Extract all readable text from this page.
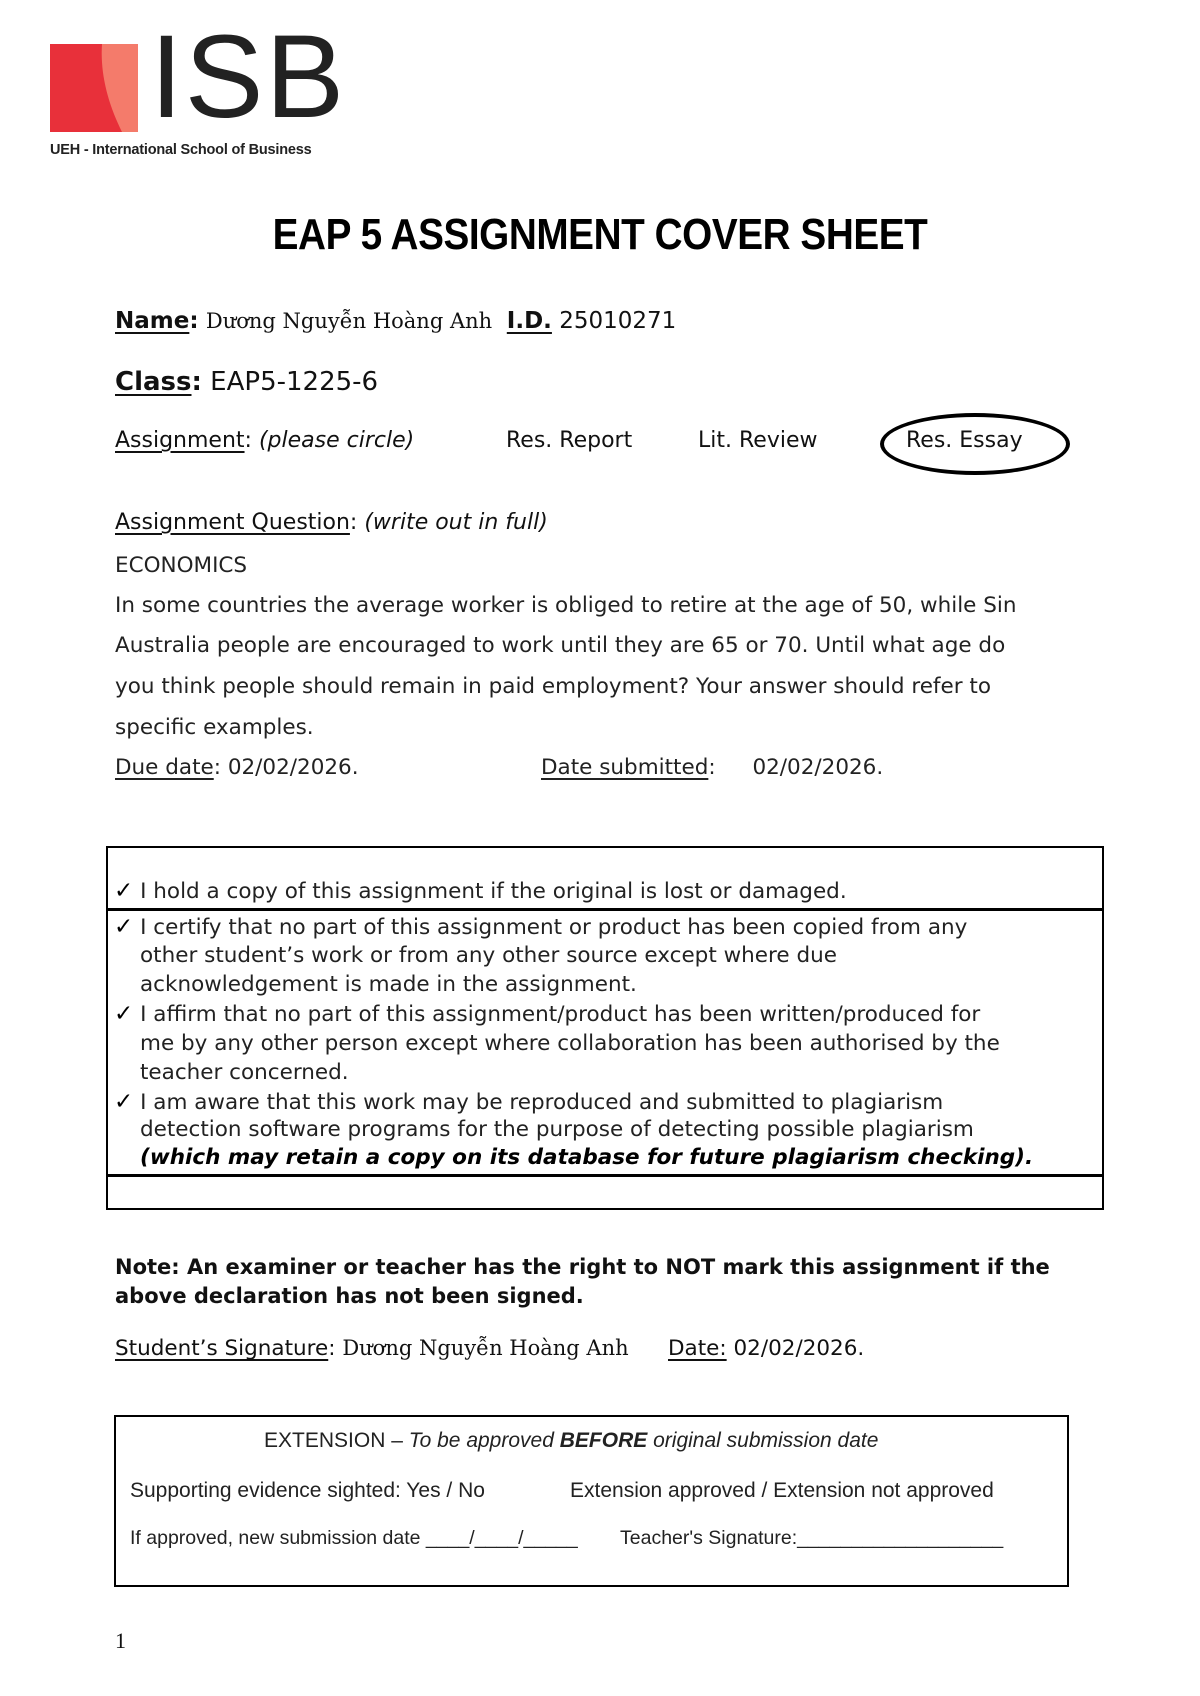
ISB
UEH - International School of Business
EAP 5 ASSIGNMENT COVER SHEET
Name: Dương Nguyễn Hoàng Anh I.D. 25010271
Class: EAP5-1225-6
Assignment: (please circle)	Res. Report	Lit. Review	Res. Essay
Assignment Question: (write out in full)
ECONOMICS
In some countries the average worker is obliged to retire at the age of 50, while Sin
Australia people are encouraged to work until they are 65 or 70. Until what age do
you think people should remain in paid employment? Your answer should refer to
specific examples.
Due date: 02/02/2026.	Date submitted: 02/02/2026.
✓ I hold a copy of this assignment if the original is lost or damaged.
✓ I certify that no part of this assignment or product has been copied from any
other student’s work or from any other source except where due
acknowledgement is made in the assignment.
✓ I affirm that no part of this assignment/product has been written/produced for
me by any other person except where collaboration has been authorised by the
teacher concerned.
✓ I am aware that this work may be reproduced and submitted to plagiarism
detection software programs for the purpose of detecting possible plagiarism
(which may retain a copy on its database for future plagiarism checking).
Note: An examiner or teacher has the right to NOT mark this assignment if the above declaration has not been signed.
Student’s Signature: Dương Nguyễn Hoàng Anh Date: 02/02/2026.
EXTENSION – To be approved BEFORE original submission date
Supporting evidence sighted: Yes / No	Extension approved / Extension not approved
If approved, new submission date ____/____/_____ Teacher's Signature:___________________
1
